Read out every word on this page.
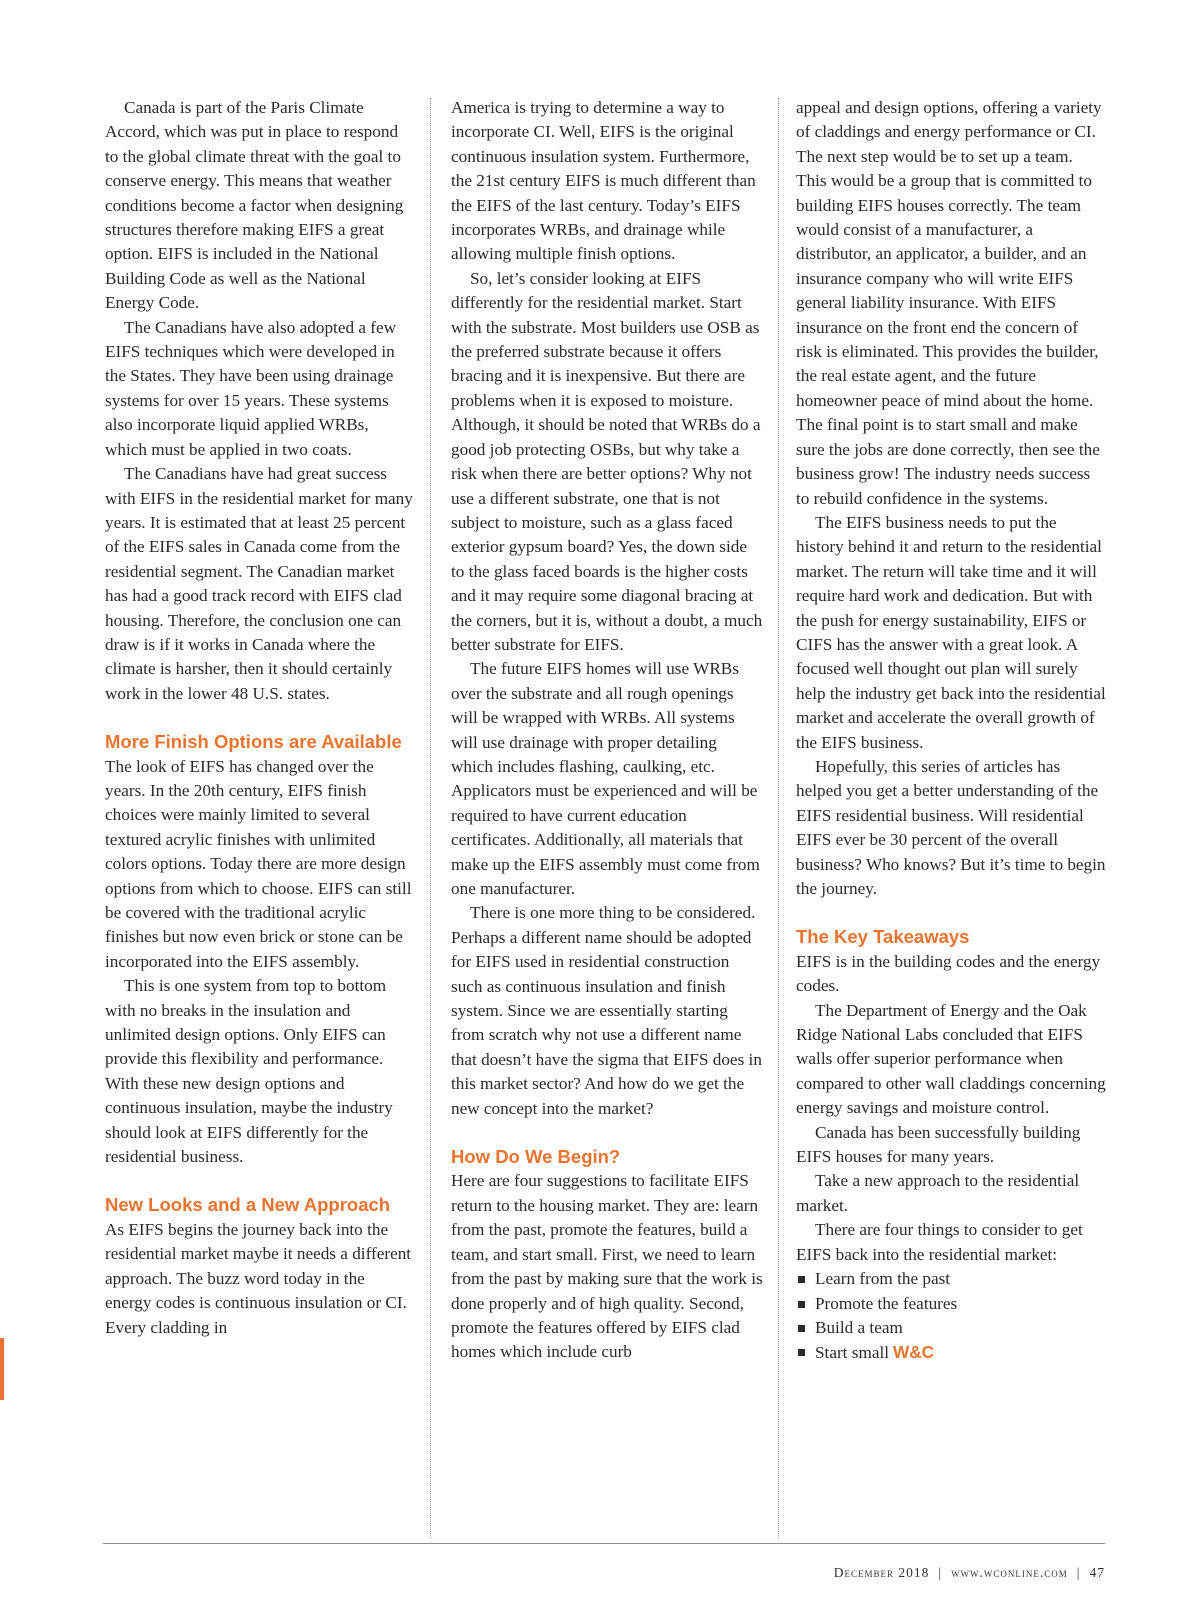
Canada is part of the Paris Climate Accord, which was put in place to respond to the global climate threat with the goal to conserve energy. This means that weather conditions become a factor when designing structures therefore making EIFS a great option. EIFS is included in the National Building Code as well as the National Energy Code.

The Canadians have also adopted a few EIFS techniques which were developed in the States. They have been using drainage systems for over 15 years. These systems also incorporate liquid applied WRBs, which must be applied in two coats.

The Canadians have had great success with EIFS in the residential market for many years. It is estimated that at least 25 percent of the EIFS sales in Canada come from the residential segment. The Canadian market has had a good track record with EIFS clad housing. Therefore, the conclusion one can draw is if it works in Canada where the climate is harsher, then it should certainly work in the lower 48 U.S. states.

More Finish Options are Available

The look of EIFS has changed over the years. In the 20th century, EIFS finish choices were mainly limited to several textured acrylic finishes with unlimited colors options. Today there are more design options from which to choose. EIFS can still be covered with the traditional acrylic finishes but now even brick or stone can be incorporated into the EIFS assembly.

This is one system from top to bottom with no breaks in the insulation and unlimited design options. Only EIFS can provide this flexibility and performance. With these new design options and continuous insulation, maybe the industry should look at EIFS differently for the residential business.

New Looks and a New Approach

As EIFS begins the journey back into the residential market maybe it needs a different approach. The buzz word today in the energy codes is continuous insulation or CI. Every cladding in

America is trying to determine a way to incorporate CI. Well, EIFS is the original continuous insulation system. Furthermore, the 21st century EIFS is much different than the EIFS of the last century. Today’s EIFS incorporates WRBs, and drainage while allowing multiple finish options.

So, let’s consider looking at EIFS differently for the residential market. Start with the substrate. Most builders use OSB as the preferred substrate because it offers bracing and it is inexpensive. But there are problems when it is exposed to moisture. Although, it should be noted that WRBs do a good job protecting OSBs, but why take a risk when there are better options? Why not use a different substrate, one that is not subject to moisture, such as a glass faced exterior gypsum board? Yes, the down side to the glass faced boards is the higher costs and it may require some diagonal bracing at the corners, but it is, without a doubt, a much better substrate for EIFS.

The future EIFS homes will use WRBs over the substrate and all rough openings will be wrapped with WRBs. All systems will use drainage with proper detailing which includes flashing, caulking, etc. Applicators must be experienced and will be required to have current education certificates. Additionally, all materials that make up the EIFS assembly must come from one manufacturer.

There is one more thing to be considered. Perhaps a different name should be adopted for EIFS used in residential construction such as continuous insulation and finish system. Since we are essentially starting from scratch why not use a different name that doesn’t have the sigma that EIFS does in this market sector? And how do we get the new concept into the market?

How Do We Begin?

Here are four suggestions to facilitate EIFS return to the housing market. They are: learn from the past, promote the features, build a team, and start small. First, we need to learn from the past by making sure that the work is done properly and of high quality. Second, promote the features offered by EIFS clad homes which include curb

appeal and design options, offering a variety of claddings and energy performance or CI. The next step would be to set up a team. This would be a group that is committed to building EIFS houses correctly. The team would consist of a manufacturer, a distributor, an applicator, a builder, and an insurance company who will write EIFS general liability insurance. With EIFS insurance on the front end the concern of risk is eliminated. This provides the builder, the real estate agent, and the future homeowner peace of mind about the home. The final point is to start small and make sure the jobs are done correctly, then see the business grow! The industry needs success to rebuild confidence in the systems.

The EIFS business needs to put the history behind it and return to the residential market. The return will take time and it will require hard work and dedication. But with the push for energy sustainability, EIFS or CIFS has the answer with a great look. A focused well thought out plan will surely help the industry get back into the residential market and accelerate the overall growth of the EIFS business.

Hopefully, this series of articles has helped you get a better understanding of the EIFS residential business. Will residential EIFS ever be 30 percent of the overall business? Who knows? But it’s time to begin the journey.

The Key Takeaways

EIFS is in the building codes and the energy codes.

The Department of Energy and the Oak Ridge National Labs concluded that EIFS walls offer superior performance when compared to other wall claddings concerning energy savings and moisture control.

Canada has been successfully building EIFS houses for many years.

Take a new approach to the residential market.

There are four things to consider to get EIFS back into the residential market:

Learn from the past
Promote the features
Build a team
Start small W&C
December 2018 | www.wconline.com | 47
